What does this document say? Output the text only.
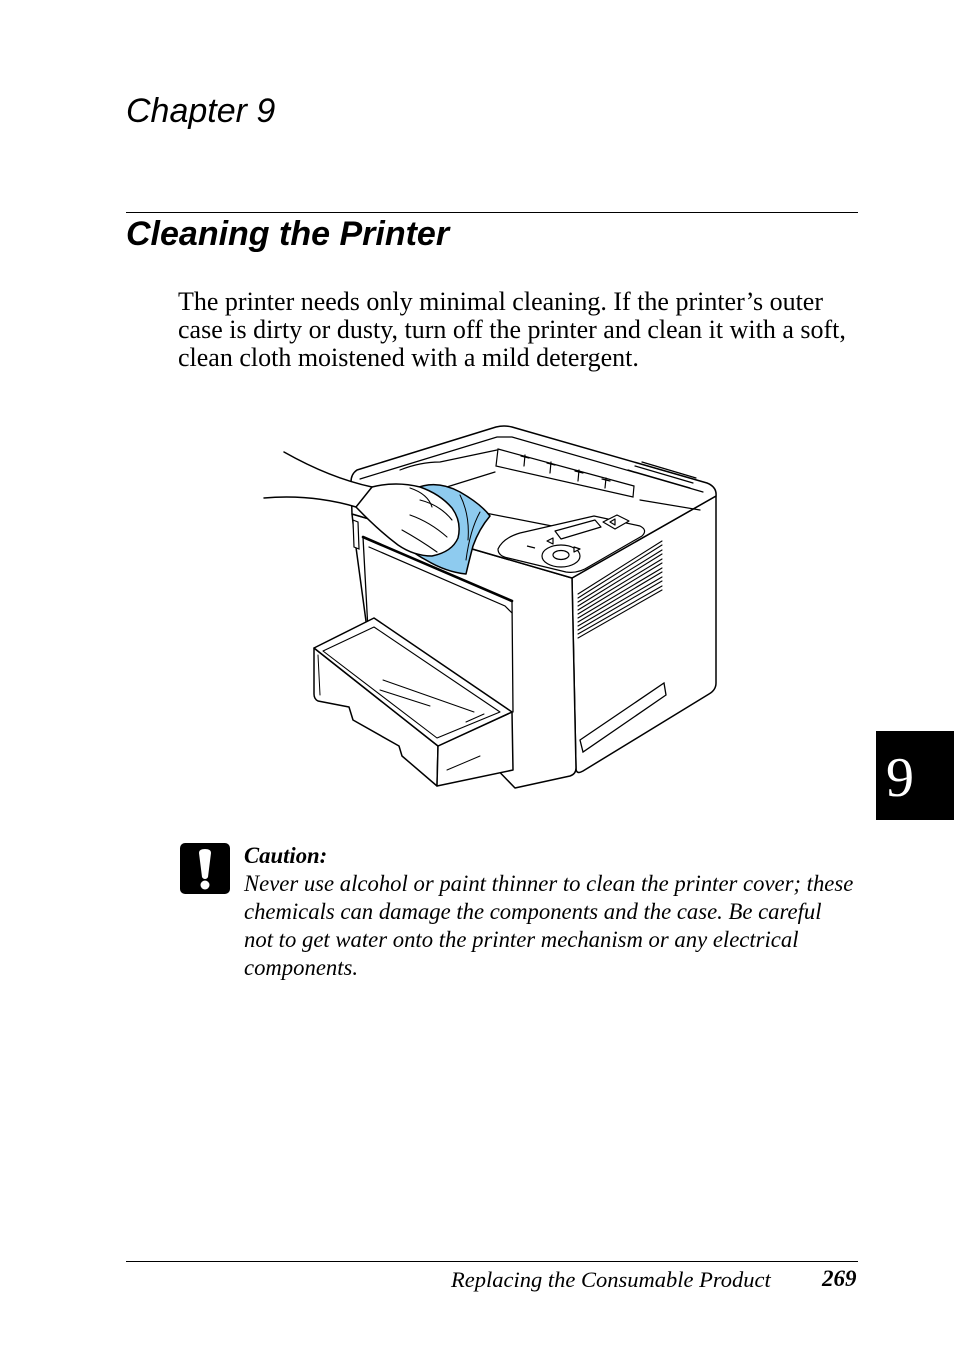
Chapter 9
Cleaning the Printer
The printer needs only minimal cleaning. If the printer’s outer
case is dirty or dusty, turn off the printer and clean it with a soft,
clean cloth moistened with a mild detergent.
Caution:
Never use alcohol or paint thinner to clean the printer cover; these
chemicals can damage the components and the case. Be careful
not to get water onto the printer mechanism or any electrical
components.
9
Replacing the Consumable Product 269
